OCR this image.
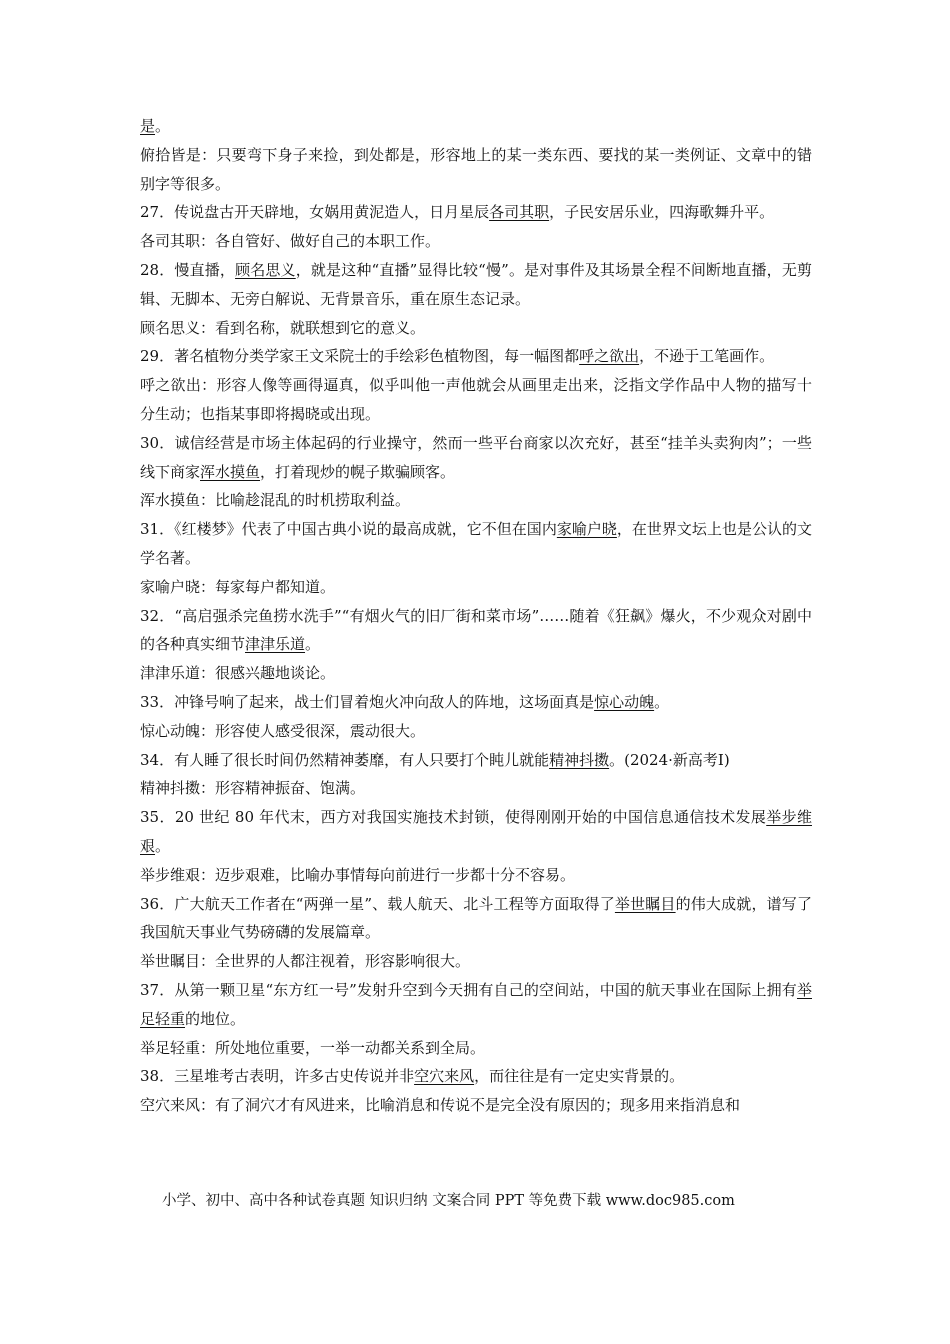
是。

俯拾皆是：只要弯下身子来捡，到处都是，形容地上的某一类东西、要找的某一类例证、文章中的错别字等很多。

27．传说盘古开天辟地，女娲用黄泥造人，日月星辰各司其职，子民安居乐业，四海歌舞升平。

各司其职：各自管好、做好自己的本职工作。

28．慢直播，顾名思义，就是这种“直播”显得比较“慢”。是对事件及其场景全程不间断地直播，无剪辑、无脚本、无旁白解说、无背景音乐，重在原生态记录。

顾名思义：看到名称，就联想到它的意义。

29．著名植物分类学家王文采院士的手绘彩色植物图，每一幅图都呼之欲出，不逊于工笔画作。

呼之欲出：形容人像等画得逼真，似乎叫他一声他就会从画里走出来，泛指文学作品中人物的描写十分生动；也指某事即将揭晓或出现。

30．诚信经营是市场主体起码的行业操守，然而一些平台商家以次充好，甚至“挂羊头卖狗肉”；一些线下商家浑水摸鱼，打着现炒的幌子欺骗顾客。

浑水摸鱼：比喻趁混乱的时机捞取利益。

31．《红楼梦》代表了中国古典小说的最高成就，它不但在国内家喻户晓，在世界文坛上也是公认的文学名著。

家喻户晓：每家每户都知道。

32．“高启强杀完鱼捞水洗手”“有烟火气的旧厂街和菜市场”……随着《狂飙》爆火，不少观众对剧中的各种真实细节津津乐道。

津津乐道：很感兴趣地谈论。

33．冲锋号响了起来，战士们冒着炮火冲向敌人的阵地，这场面真是惊心动魄。

惊心动魄：形容使人感受很深，震动很大。

34．有人睡了很长时间仍然精神萎靡，有人只要打个盹儿就能精神抖擞。(2024·新高考Ⅰ)

精神抖擞：形容精神振奋、饱满。

35．20 世纪 80 年代末，西方对我国实施技术封锁，使得刚刚开始的中国信息通信技术发展举步维艰。

举步维艰：迈步艰难，比喻办事情每向前进行一步都十分不容易。

36．广大航天工作者在“两弹一星”、载人航天、北斗工程等方面取得了举世瞩目的伟大成就，谱写了我国航天事业气势磅礴的发展篇章。

举世瞩目：全世界的人都注视着，形容影响很大。

37．从第一颗卫星“东方红一号”发射升空到今天拥有自己的空间站，中国的航天事业在国际上拥有举足轻重的地位。

举足轻重：所处地位重要，一举一动都关系到全局。

38．三星堆考古表明，许多古史传说并非空穴来风，而往往是有一定史实背景的。

空穴来风：有了洞穴才有风进来，比喻消息和传说不是完全没有原因的；现多用来指消息和

小学、初中、高中各种试卷真题 知识归纳 文案合同 PPT 等免费下载 www.doc985.com
